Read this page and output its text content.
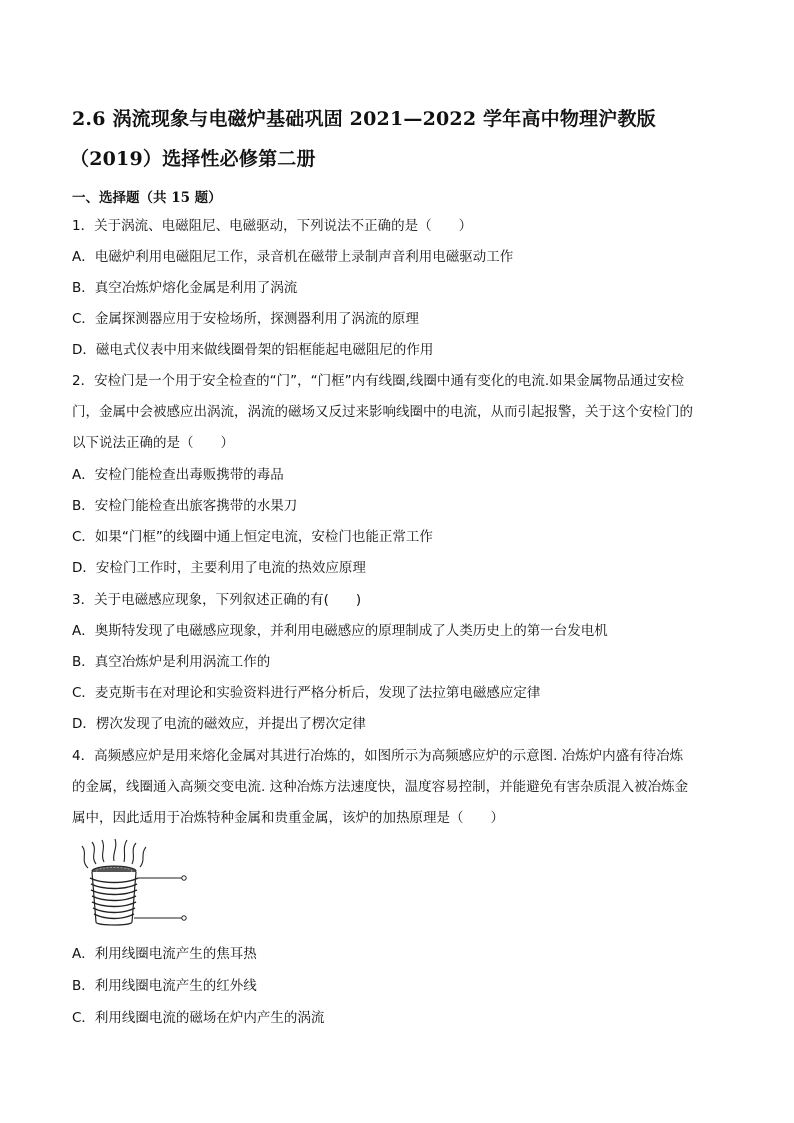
2.6 涡流现象与电磁炉基础巩固 2021—2022 学年高中物理沪教版
（2019）选择性必修第二册
一、选择题（共 15 题）
1．关于涡流、电磁阻尼、电磁驱动，下列说法不正确的是（　　）
A．电磁炉利用电磁阻尼工作，录音机在磁带上录制声音利用电磁驱动工作
B．真空冶炼炉熔化金属是利用了涡流
C．金属探测器应用于安检场所，探测器利用了涡流的原理
D．磁电式仪表中用来做线圈骨架的铝框能起电磁阻尼的作用
2．安检门是一个用于安全检查的“门”，“门框”内有线圈,线圈中通有变化的电流.如果金属物品通过安检
门，金属中会被感应出涡流，涡流的磁场又反过来影响线圈中的电流，从而引起报警，关于这个安检门的
以下说法正确的是（　　）
A．安检门能检查出毒贩携带的毒品
B．安检门能检查出旅客携带的水果刀
C．如果“门框”的线圈中通上恒定电流，安检门也能正常工作
D．安检门工作时，主要利用了电流的热效应原理
3．关于电磁感应现象，下列叙述正确的有(　　)
A．奥斯特发现了电磁感应现象，并利用电磁感应的原理制成了人类历史上的第一台发电机
B．真空冶炼炉是利用涡流工作的
C．麦克斯韦在对理论和实验资料进行严格分析后，发现了法拉第电磁感应定律
D．楞次发现了电流的磁效应，并提出了楞次定律
4．高频感应炉是用来熔化金属对其进行冶炼的，如图所示为高频感应炉的示意图. 冶炼炉内盛有待冶炼
的金属，线圈通入高频交变电流. 这种冶炼方法速度快，温度容易控制，并能避免有害杂质混入被冶炼金
属中，因此适用于冶炼特种金属和贵重金属，该炉的加热原理是（　　）
A．利用线圈电流产生的焦耳热
B．利用线圈电流产生的红外线
C．利用线圈电流的磁场在炉内产生的涡流
